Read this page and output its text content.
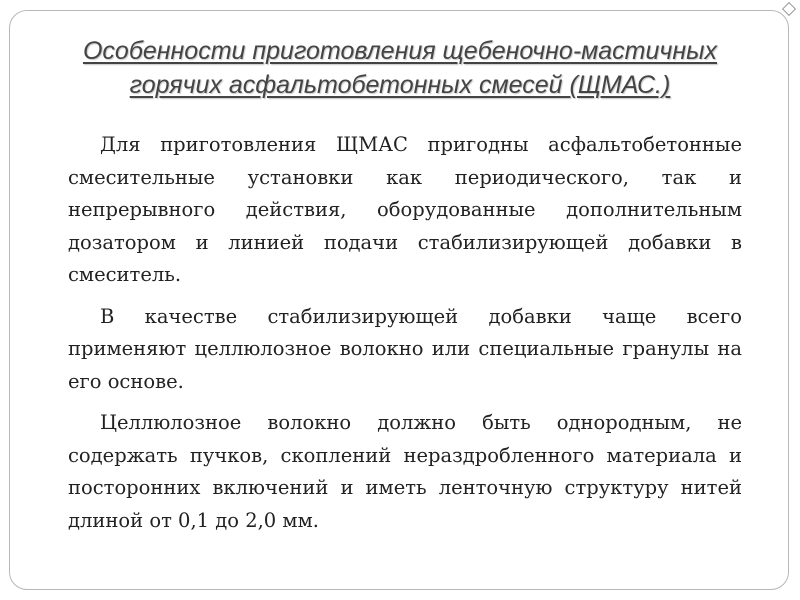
Особенности приготовления щебеночно-мастичных
горячих асфальтобетонных смесей (ЩМАС.)

Для приготовления ЩМАС пригодны асфальтобетонные смесительные установки как периодического, так и непрерывного действия, оборудованные дополнительным дозатором и линией подачи стабилизирующей добавки в смеситель.

В качестве стабилизирующей добавки чаще всего применяют целлюлозное волокно или специальные гранулы на его основе.

Целлюлозное волокно должно быть однородным, не содержать пучков, скоплений нераздробленного материала и посторонних включений и иметь ленточную структуру нитей длиной от 0,1 до 2,0 мм.
